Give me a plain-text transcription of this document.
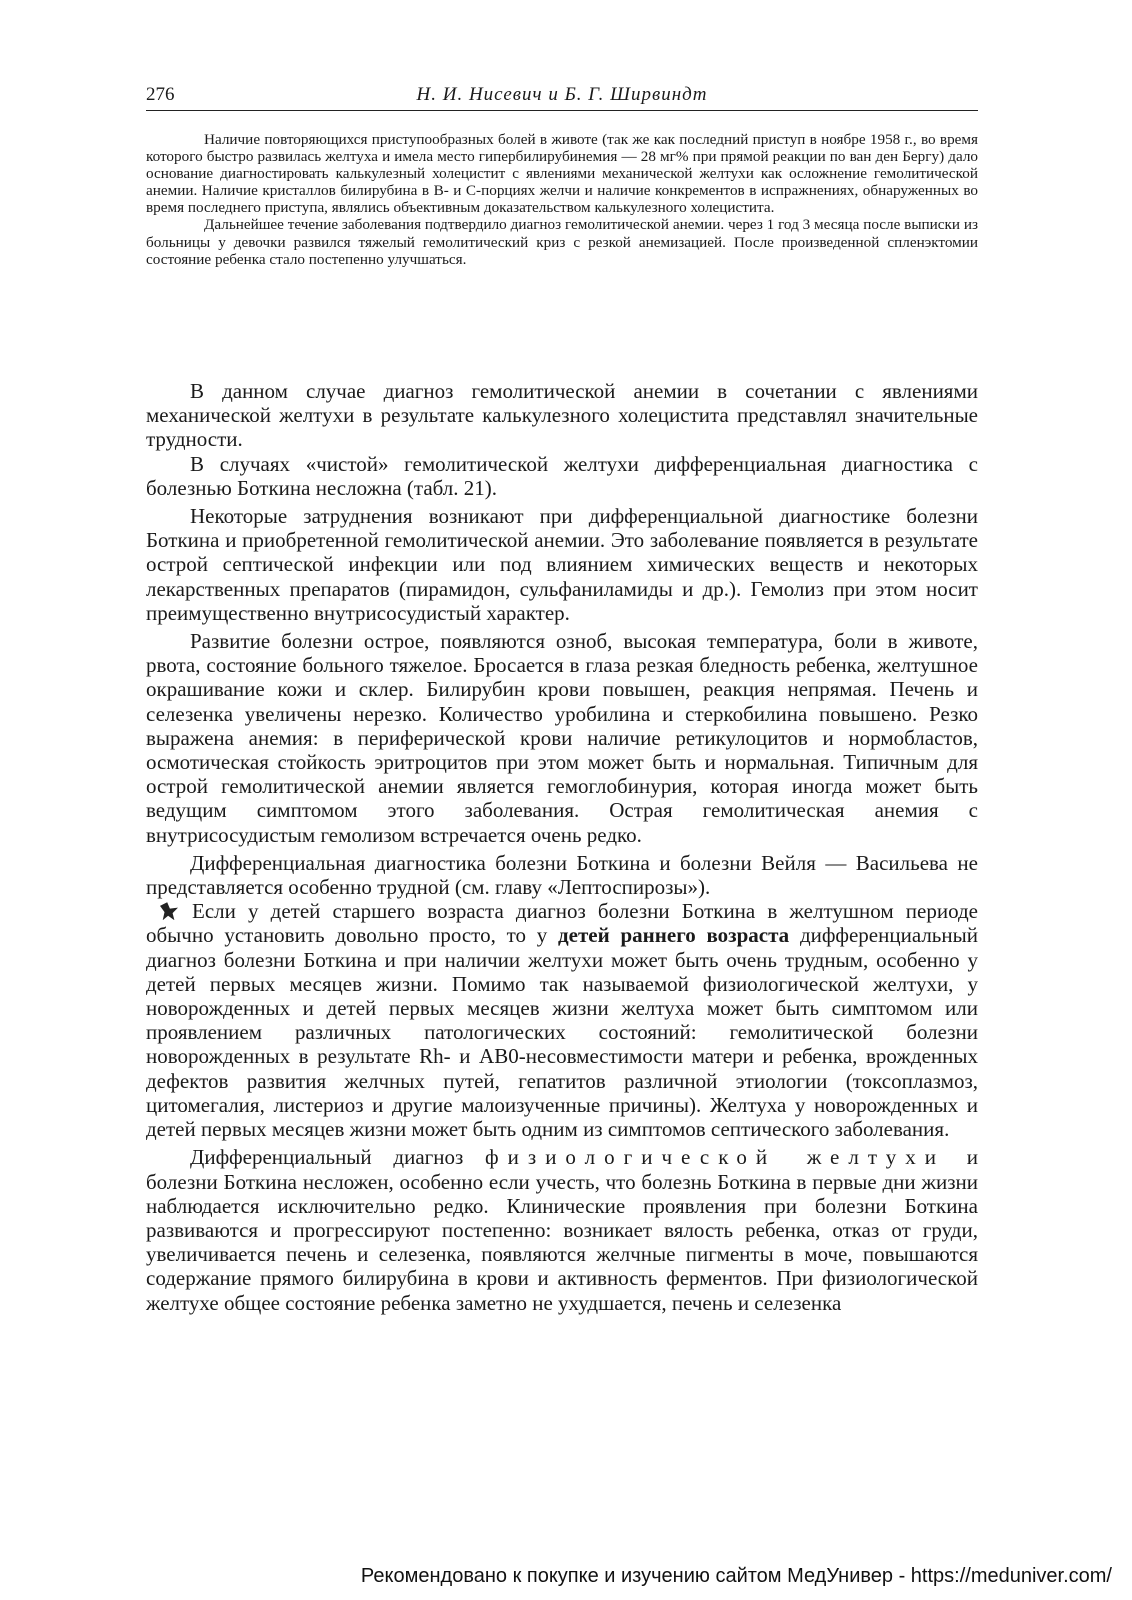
276	Н. И. Нисевич и Б. Г. Ширвиндт

Наличие повторяющихся приступообразных болей в животе (так же как последний приступ в ноябре 1958 г., во время которого быстро развилась желтуха и имела место гипербилирубинемия — 28 мг% при прямой реакции по ван ден Бергу) дало основание диагностировать калькулезный холецистит с явлениями механической желтухи как осложнение гемолитической анемии. Наличие кристаллов билирубина в В- и С-порциях желчи и наличие конкрементов в испражнениях, обнаруженных во время последнего приступа, являлись объективным доказательством калькулезного холецистита.

Дальнейшее течение заболевания подтвердило диагноз гемолитической анемии. через 1 год 3 месяца после выписки из больницы у девочки развился тяжелый гемолитический криз с резкой анемизацией. После произведенной спленэктомии состояние ребенка стало постепенно улучшаться.

В данном случае диагноз гемолитической анемии в сочетании с явлениями механической желтухи в результате калькулезного холецистита представлял значительные трудности.

В случаях «чистой» гемолитической желтухи дифференциальная диагностика с болезнью Боткина несложна (табл. 21).

Некоторые затруднения возникают при дифференциальной диагностике болезни Боткина и приобретенной гемолитической анемии. Это заболевание появляется в результате острой септической инфекции или под влиянием химических веществ и некоторых лекарственных препаратов (пирамидон, сульфаниламиды и др.). Гемолиз при этом носит преимущественно внутрисосудистый характер.

Развитие болезни острое, появляются озноб, высокая температура, боли в животе, рвота, состояние больного тяжелое. Бросается в глаза резкая бледность ребенка, желтушное окрашивание кожи и склер. Билирубин крови повышен, реакция непрямая. Печень и селезенка увеличены нерезко. Количество уробилина и стеркобилина повышено. Резко выражена анемия: в периферической крови наличие ретикулоцитов и нормобластов, осмотическая стойкость эритроцитов при этом может быть и нормальная. Типичным для острой гемолитической анемии является гемоглобинурия, которая иногда может быть ведущим симптомом этого заболевания. Острая гемолитическая анемия с внутрисосудистым гемолизом встречается очень редко.

Дифференциальная диагностика болезни Боткина и болезни Вейля — Васильева не представляется особенно трудной (см. главу «Лептоспирозы»).

Если у детей старшего возраста диагноз болезни Боткина в желтушном периоде обычно установить довольно просто, то у детей раннего возраста дифференциальный диагноз болезни Боткина и при наличии желтухи может быть очень трудным, особенно у детей первых месяцев жизни. Помимо так называемой физиологической желтухи, у новорожденных и детей первых месяцев жизни желтуха может быть симптомом или проявлением различных патологических состояний: гемолитической болезни новорожденных в результате Rh- и АВ0-несовместимости матери и ребенка, врожденных дефектов развития желчных путей, гепатитов различной этиологии (токсоплазмоз, цитомегалия, листериоз и другие малоизученные причины). Желтуха у новорожденных и детей первых месяцев жизни может быть одним из симптомов септического заболевания.

Дифференциальный диагноз физиологической желтухи и болезни Боткина несложен, особенно если учесть, что болезнь Боткина в первые дни жизни наблюдается исключительно редко. Клинические проявления при болезни Боткина развиваются и прогрессируют постепенно: возникает вялость ребенка, отказ от груди, увеличивается печень и селезенка, появляются желчные пигменты в моче, повышаются содержание прямого билирубина в крови и активность ферментов. При физиологической желтухе общее состояние ребенка заметно не ухудшается, печень и селезенка

Рекомендовано к покупке и изучению сайтом МедУнивер - https://meduniver.com/
